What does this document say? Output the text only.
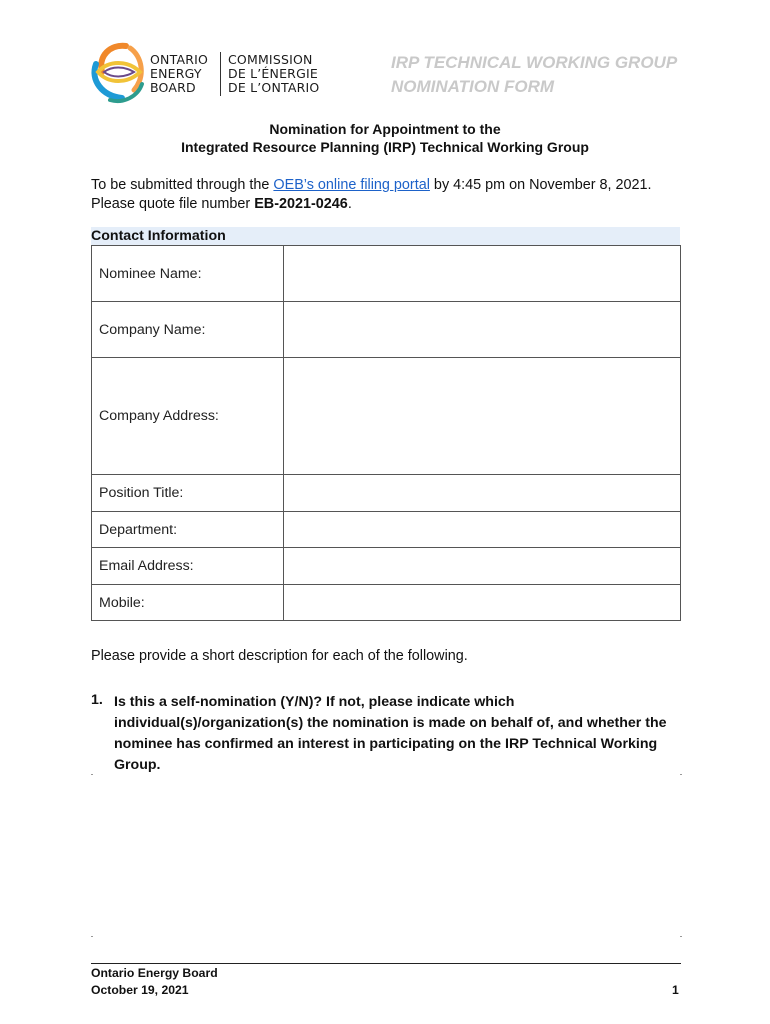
ONTARIO
ENERGY
BOARD
COMMISSION
DE L’ÉNERGIE
DE L’ONTARIO
IRP TECHNICAL WORKING GROUP
NOMINATION FORM
Nomination for Appointment to the
Integrated Resource Planning (IRP) Technical Working Group
To be submitted through the OEB’s online filing portal by 4:45 pm on November 8, 2021. Please quote file number EB-2021-0246.
Contact Information
Nominee Name:	
Company Name:	
Company Address:	
Position Title:	
Department:	
Email Address:	
Mobile:	
Please provide a short description for each of the following.
1. Is this a self-nomination (Y/N)? If not, please indicate which individual(s)/organization(s) the nomination is made on behalf of, and whether the nominee has confirmed an interest in participating on the IRP Technical Working Group.
Ontario Energy Board
October 19, 2021	1
